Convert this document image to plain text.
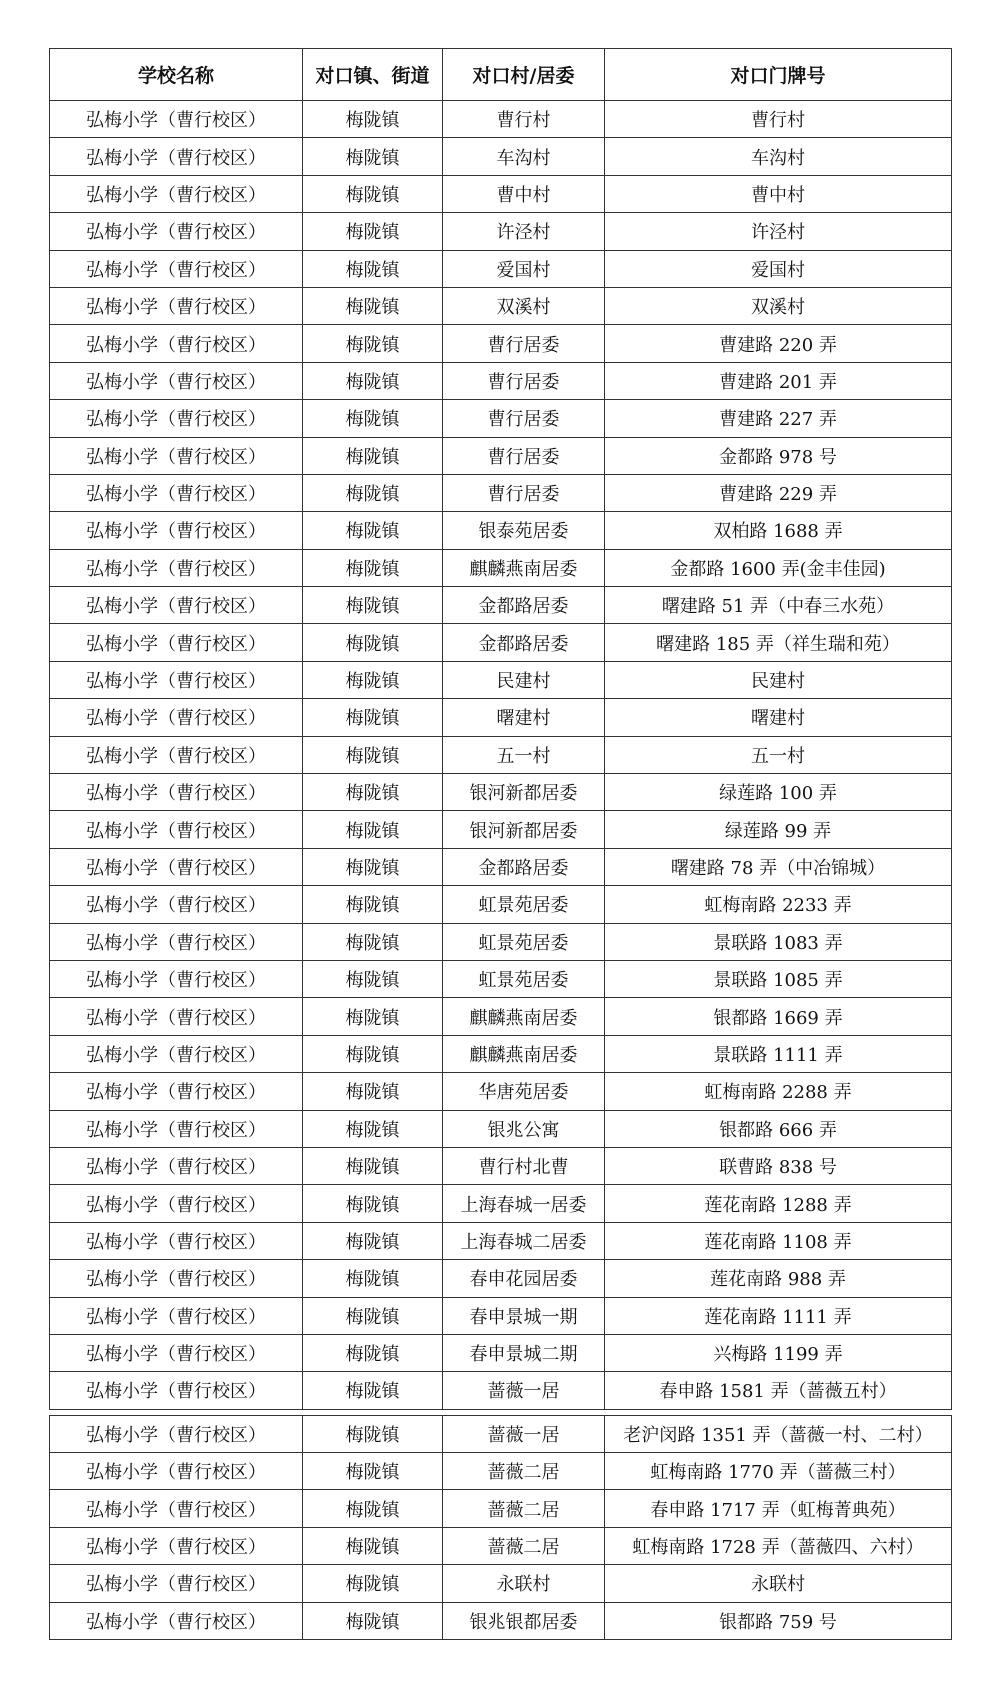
学校名称	对口镇、街道	对口村/居委	对口门牌号
弘梅小学（曹行校区）	梅陇镇	曹行村	曹行村
弘梅小学（曹行校区）	梅陇镇	车沟村	车沟村
弘梅小学（曹行校区）	梅陇镇	曹中村	曹中村
弘梅小学（曹行校区）	梅陇镇	许泾村	许泾村
弘梅小学（曹行校区）	梅陇镇	爱国村	爱国村
弘梅小学（曹行校区）	梅陇镇	双溪村	双溪村
弘梅小学（曹行校区）	梅陇镇	曹行居委	曹建路 220 弄
弘梅小学（曹行校区）	梅陇镇	曹行居委	曹建路 201 弄
弘梅小学（曹行校区）	梅陇镇	曹行居委	曹建路 227 弄
弘梅小学（曹行校区）	梅陇镇	曹行居委	金都路 978 号
弘梅小学（曹行校区）	梅陇镇	曹行居委	曹建路 229 弄
弘梅小学（曹行校区）	梅陇镇	银泰苑居委	双柏路 1688 弄
弘梅小学（曹行校区）	梅陇镇	麒麟燕南居委	金都路 1600 弄(金丰佳园)
弘梅小学（曹行校区）	梅陇镇	金都路居委	曙建路 51 弄（中春三水苑）
弘梅小学（曹行校区）	梅陇镇	金都路居委	曙建路 185 弄（祥生瑞和苑）
弘梅小学（曹行校区）	梅陇镇	民建村	民建村
弘梅小学（曹行校区）	梅陇镇	曙建村	曙建村
弘梅小学（曹行校区）	梅陇镇	五一村	五一村
弘梅小学（曹行校区）	梅陇镇	银河新都居委	绿莲路 100 弄
弘梅小学（曹行校区）	梅陇镇	银河新都居委	绿莲路 99 弄
弘梅小学（曹行校区）	梅陇镇	金都路居委	曙建路 78 弄（中冶锦城）
弘梅小学（曹行校区）	梅陇镇	虹景苑居委	虹梅南路 2233 弄
弘梅小学（曹行校区）	梅陇镇	虹景苑居委	景联路 1083 弄
弘梅小学（曹行校区）	梅陇镇	虹景苑居委	景联路 1085 弄
弘梅小学（曹行校区）	梅陇镇	麒麟燕南居委	银都路 1669 弄
弘梅小学（曹行校区）	梅陇镇	麒麟燕南居委	景联路 1111 弄
弘梅小学（曹行校区）	梅陇镇	华唐苑居委	虹梅南路 2288 弄
弘梅小学（曹行校区）	梅陇镇	银兆公寓	银都路 666 弄
弘梅小学（曹行校区）	梅陇镇	曹行村北曹	联曹路 838 号
弘梅小学（曹行校区）	梅陇镇	上海春城一居委	莲花南路 1288 弄
弘梅小学（曹行校区）	梅陇镇	上海春城二居委	莲花南路 1108 弄
弘梅小学（曹行校区）	梅陇镇	春申花园居委	莲花南路 988 弄
弘梅小学（曹行校区）	梅陇镇	春申景城一期	莲花南路 1111 弄
弘梅小学（曹行校区）	梅陇镇	春申景城二期	兴梅路 1199 弄
弘梅小学（曹行校区）	梅陇镇	蔷薇一居	春申路 1581 弄（蔷薇五村）
弘梅小学（曹行校区）	梅陇镇	蔷薇一居	老沪闵路 1351 弄（蔷薇一村、二村）
弘梅小学（曹行校区）	梅陇镇	蔷薇二居	虹梅南路 1770 弄（蔷薇三村）
弘梅小学（曹行校区）	梅陇镇	蔷薇二居	春申路 1717 弄（虹梅菁典苑）
弘梅小学（曹行校区）	梅陇镇	蔷薇二居	虹梅南路 1728 弄（蔷薇四、六村）
弘梅小学（曹行校区）	梅陇镇	永联村	永联村
弘梅小学（曹行校区）	梅陇镇	银兆银都居委	银都路 759 号
